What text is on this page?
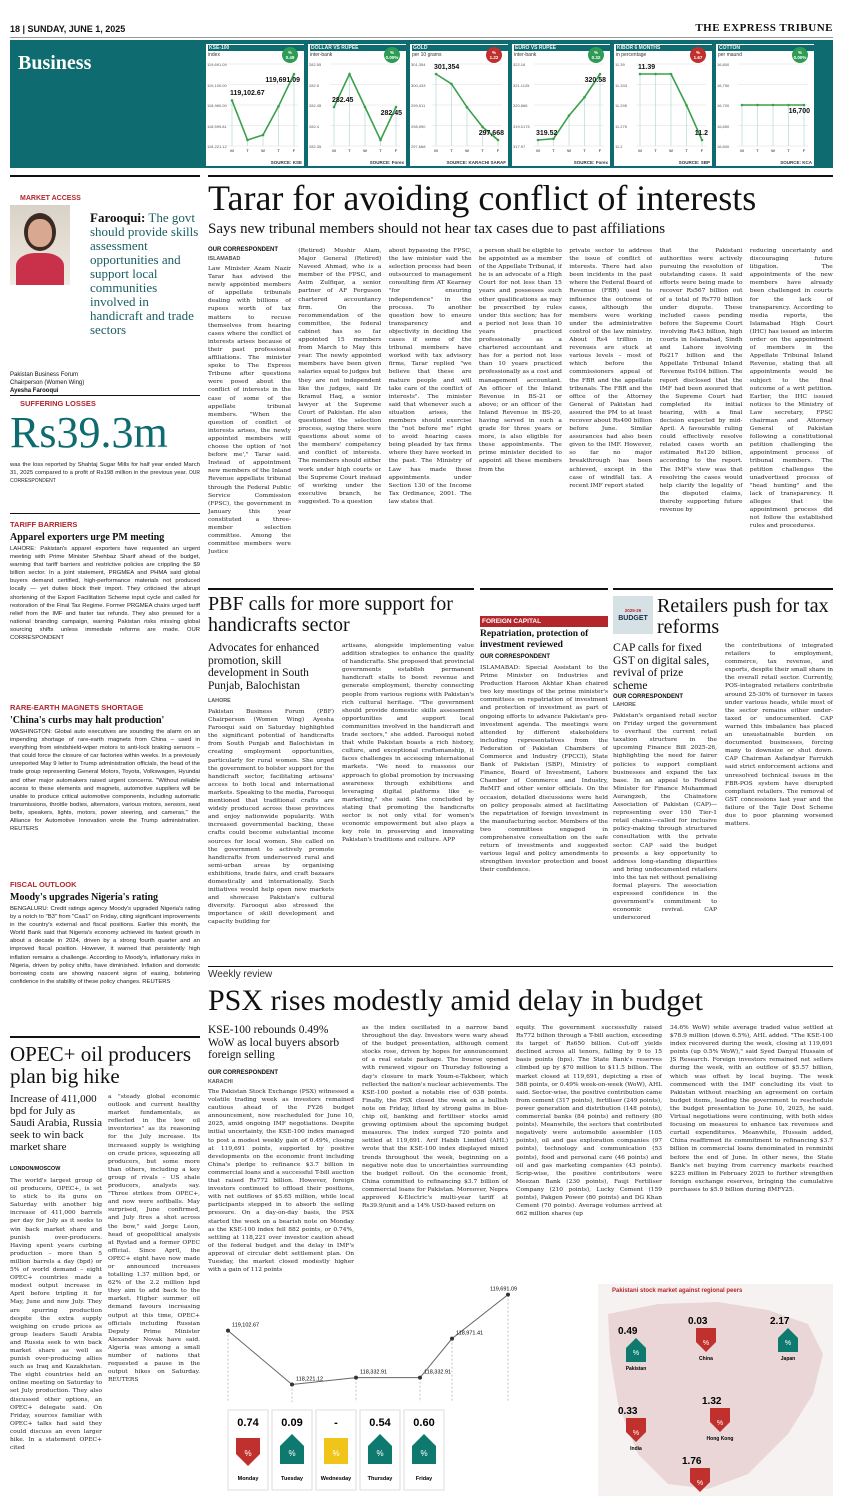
18 | SUNDAY, JUNE 1, 2025	THE EXPRESS TRIBUNE
Business
KSE-100
index
SOURCE: KSE
%
0.49
M	T	W	T	F
119,691.09
119,100.00
118,960.00
118,599.81
118,221.12
119,102.67
119,691.09
DOLLAR VS RUPEE
inter-bank
SOURCE: Forex
%
0.00%
M	T	W	T	F
282.55
282.5
282.45
282.4
282.35
282.45
282.45
GOLD
per 10 grams
SOURCE: KARACHI SARAF
%
1.22
M	T	W	T	F
301,354
300,433
299,511
298,590
297,668
301,354
297,668
EURO VS RUPEE
inter-bank
SOURCE: Forex
%
0.32
M	T	W	T	F
322.16
321.1125
320.666
319.0175
317.97
319.52
320.58
KIBOR 6 MONTHS
in percentage
SOURCE: SBP
%
1.67
M	T	W	T	F
11.39
11.333
11.295
11.275
11.2
11.39
11.2
COTTON
per maund
SOURCE: KCA
%
0.00%
M	T	W	T	F
16,800
16,750
16,700
16,650
16,600
16,700
MARKET ACCESS
Farooqui: The govt should provide skills assessment opportunities and support local communities involved in handicraft and trade sectors
Pakistan Business Forum
Chairperson (Women Wing)
Ayesha Farooqui
SUFFERING LOSSES
Rs39.3m
was the loss reported by Shahtaj Sugar Mills for half year ended March 31, 2025 compared to a profit of Rs198 million in the previous year. OUR CORRESPONDENT
TARIFF BARRIERS
Apparel exporters urge PM meeting
LAHORE: Pakistan's apparel exporters have requested an urgent meeting with Prime Minister Shehbaz Sharif ahead of the budget, warning that tariff barriers and restrictive policies are crippling the $9 billion sector. In a joint statement, PRGMEA and PHMA said global buyers demand certified, high-performance materials not produced locally — yet duties block their import. They criticised the abrupt shortening of the Export Facilitation Scheme input cycle and called for restoration of the Final Tax Regime. Former PRGMEA chairs urged tariff relief from the IMF and faster tax refunds. They also pressed for a national branding campaign, warning Pakistan risks missing global sourcing shifts unless immediate reforms are made. OUR CORRESPONDENT
RARE-EARTH MAGNETS SHORTAGE
'China's curbs may halt production'
WASHINGTON: Global auto executives are sounding the alarm on an impending shortage of rare-earth magnets from China – used in everything from windshield-wiper motors to anti-lock braking sensors – that could force the closure of car factories within weeks. In a previously unreported May 9 letter to Trump administration officials, the head of the trade group representing General Motors, Toyota, Volkswagen, Hyundai and other major automakers raised urgent concerns. "Without reliable access to these elements and magnets, automotive suppliers will be unable to produce critical automotive components, including automatic transmissions, throttle bodies, alternators, various motors, sensors, seat belts, speakers, lights, motors, power steering, and cameras," the Alliance for Automotive Innovation wrote the Trump administration. REUTERS
FISCAL OUTLOOK
Moody's upgrades Nigeria's rating
BENGALURU: Credit ratings agency Moody's upgraded Nigeria's rating by a notch to "B3" from "Caa1" on Friday, citing significant improvements in the country's external and fiscal positions. Earlier this month, the World Bank said that Nigeria's economy achieved its fastest growth in about a decade in 2024, driven by a strong fourth quarter and an improved fiscal position. However, it warned that persistently high inflation remains a challenge. According to Moody's, inflationary risks in Nigeria, driven by policy shifts, have diminished. Inflation and domestic borrowing costs are showing nascent signs of easing, bolstering confidence in the stability of these policy changes. REUTERS
OPEC+ oil producers plan big hike
Increase of 411,000 bpd for July as Saudi Arabia, Russia seek to win back market share
LONDON/MOSCOW
The world's largest group of oil producers, OPEC+, is set to stick to its guns on Saturday with another big increase of 411,000 barrels per day for July as it seeks to win back market share and punish over-producers. Having spent years curbing production – more than 5 million barrels a day (bpd) or 5% of world demand – eight OPEC+ countries made a modest output increase in April before tripling it for May, June and now July. They are spurring production despite the extra supply weighing on crude prices as group leaders Saudi Arabia and Russia seek to win back market share as well as punish over-producing allies such as Iraq and Kazakhstan. The eight countries held an online meeting on Saturday to set July production. They also discussed other options, an OPEC+ delegate said. On Friday, sources familiar with OPEC+ talks had said they could discuss an even larger hike. In a statement OPEC+ cited
a "steady global economic outlook and current healthy market fundamentals, as reflected in the low oil inventories" as its reasoning for the July increase. Its increased supply is weighing on crude prices, squeezing all producers, but some more than others, including a key group of rivals – US shale producers, analysts say. "Three strikes from OPEC+, and now were softballs. May surprised, June confirmed, and July fires a shot across the bow," said Jorge Leon, head of geopolitical analysis at Rystad and a former OPEC official. Since April, the OPEC+ eight have now made or announced increases totalling 1.37 million bpd, or 62% of the 2.2 million bpd they aim to add back to the market. Higher summer oil demand favours increasing output at this time, OPEC+ officials including Russian Deputy Prime Minister Alexander Novak have said. Algeria was among a small number of nations that requested a pause in the output hikes on Saturday. REUTERS
Tarar for avoiding conflict of interests
Says new tribunal members should not hear tax cases due to past affiliations
OUR CORRESPONDENT
ISLAMABAD
Law Minister Azam Nazir Tarar has advised the newly appointed members of appellate tribunals dealing with billions of rupees worth of tax matters to recuse themselves from hearing cases where the conflict of interests arises because of their past professional affiliations. The minister spoke to The Express Tribune after questions were posed about the conflict of interests in the case of some of the appellate tribunal members. "When the question of conflict of interests arises, the newly appointed members will choose the option of 'not before me'," Tarar said. Instead of appointment new members of the Inland Revenue appellate tribunal through the Federal Public Service Commission (FPSC), the government in January this year constituted a three-member selection committee. Among the committee members were Justice
(Retired) Mushir Alam, Major General (Retired) Naveed Ahmad, who is a member of the FPSC, and Asim Zulfiqar, a senior partner of AF Ferguson chartered accountancy firm. On the recommendation of the committee, the federal cabinet has so far appointed 15 members from March to May this year. The newly appointed members have been given salaries equal to judges but they are not independent like the judges, said Dr Ikramul Haq, a senior lawyer at the Supreme Court of Pakistan. He also questioned the selection process, saying there were questions about some of the members' competency and conflict of interests. The members should either work under high courts or the Supreme Court instead of working under the executive branch, he suggested. To a question
about bypassing the FPSC, the law minister said the selection process had been outsourced to management consulting firm AT Kearney "for ensuring independence" in the process. To another question how to ensure transparency and objectivity in deciding the cases if some of the tribunal members have worked with tax advisory firms, Tarar replied "we believe that these are mature people and will take care of the conflict of interests". The minister said that whenever such a situation arises, the members should exercise the "not before me" right to avoid hearing cases being pleaded by tax firms where they have worked in the past. The Ministry of Law has made these appointments under Section 130 of the Income Tax Ordinance, 2001. The law states that
a person shall be eligible to be appointed as a member of the Appellate Tribunal, if he is an advocate of a High Court for not less than 15 years and possesses such other qualifications as may be prescribed by rules under this section; has for a period not less than 10 years practiced professionally as a chartered accountant and has for a period not less than 10 years practiced professionally as a cost and management accountant. An officer of the Inland Revenue in BS-21 or above; or an officer of the Inland Revenue in BS-20, having served in such a grade for three years or more, is also eligible for these appointments. The prime minister decided to appoint all these members from the
private sector to address the issue of conflict of interests. There had also been incidents in the past where the Federal Board of Revenue (FBR) used to influence the outcome of cases, although the members were working under the administrative control of the law ministry. About Rs4 trillion in revenues are stuck at various levels – most of which before the commissioners appeal of the FBR and the appellate tribunals. The FBR and the office of the Attorney General of Pakistan had assured the PM to at least recover about Rs400 billion before June. Similar assurances had also been given to the IMF. However, so far no major breakthrough has been achieved, except in the case of windfall tax. A recent IMF report stated
that the Pakistani authorities were actively pursuing the resolution of outstanding cases. It said efforts were being made to recover Rs567 billion out of a total of Rs770 billion under dispute. These included cases pending before the Supreme Court involving Rs43 billion, high courts in Islamabad, Sindh and Lahore involving Rs217 billion and the Appellate Tribunal Inland Revenue Rs104 billion. The report disclosed that the IMF had been assured that the Supreme Court had completed its initial hearing, with a final decision expected by mid-April. A favourable ruling could effectively resolve related cases worth an estimated Rs120 billion, according to the report. The IMF's view was that resolving the cases would help clarify the legality of the disputed claims, thereby supporting future revenue by
reducing uncertainty and discouraging future litigation. The appointments of the new members have already been challenged in courts for the lack of transparency. According to media reports, the Islamabad High Court (IHC) has issued an interim order on the appointment of members in the Appellate Tribunal Inland Revenue, stating that all appointments would be subject to the final outcome of a writ petition. Earlier, the IHC issued notices to the Ministry of Law secretary, FPSC chairman and Attorney General of Pakistan following a constitutional petition challenging the appointment process of tribunal members. The petition challenges the unadvertised process of "head hunting" and the lack of transparency. It alleges that the appointment process did not follow the established rules and procedures.
PBF calls for more support for handicrafts sector
Advocates for enhanced promotion, skill development in South Punjab, Balochistan
LAHORE
Pakistan Business Forum (PBF) Chairperson (Women Wing) Ayesha Farooqui said on Saturday highlighted the significant potential of handicrafts from South Punjab and Balochistan in creating employment opportunities, particularly for rural women. She urged the government to bolster support for the handicraft sector, facilitating artisans' access to both local and international markets. Speaking to the media, Farooqui mentioned that traditional crafts are widely produced across these provinces and enjoy nationwide popularity. With increased governmental backing, these crafts could become substantial income sources for local women. She called on the government to actively promote handicrafts from underserved rural and semi-urban areas by organising exhibitions, trade fairs, and craft bazaars domestically and internationally. Such initiatives would help open new markets and showcase Pakistan's cultural diversity. Farooqui also stressed the importance of skill development and capacity building for
artisans, alongside implementing value addition strategies to enhance the quality of handicrafts. She proposed that provincial governments establish permanent handicraft stalls to boost revenue and generate employment, thereby connecting people from various regions with Pakistan's rich cultural heritage. "The government should provide domestic skills assessment opportunities and support local communities involved in the handicraft and trade sectors," she added. Farooqui noted that while Pakistan boasts a rich history, culture, and exceptional craftsmanship, it faces challenges in accessing international markets. "We need to reassess our approach to global promotion by increasing awareness through exhibitions and leveraging digital platforms like e-marketing," she said. She concluded by stating that promoting the handicrafts sector is not only vital for women's economic empowerment but also plays a key role in preserving and innovating Pakistan's traditions and culture. APP
FOREIGN CAPITAL
Repatriation, protection of investment reviewed
OUR CORRESPONDENT
ISLAMABAD: Special Assistant to the Prime Minister on Industries and Production Haroon Akhtar Khan chaired two key meetings of the prime minister's committees on repatriation of investment and protection of investment as part of ongoing efforts to advance Pakistan's pro-investment agenda. The meetings were attended by different stakeholders including representatives from the Federation of Pakistan Chambers of Commerce and Industry (FPCCI), State Bank of Pakistan (SBP), Ministry of Finance, Board of Investment, Lahore Chamber of Commerce and Industry, ReMIT and other senior officials. On the occasion, detailed discussions were held on policy proposals aimed at facilitating the repatriation of foreign investment in the manufacturing sector. Members of the two committees engaged in comprehensive consultation on the safe return of investments and suggested various legal and policy amendments to strengthen investor protection and boost their confidence.
2025-26
BUDGET
Retailers push for tax reforms
CAP calls for fixed GST on digital sales, revival of prize scheme
OUR CORRESPONDENT
LAHORE
Pakistan's organised retail sector on Friday urged the government to overhaul the current retail taxation structure in the upcoming Finance Bill 2025-26, highlighting the need for fairer policies to support compliant businesses and expand the tax base. In an appeal to Federal Minister for Finance Muhammad Aurangzeb, the Chainstore Association of Pakistan (CAP)—representing over 150 Tier-1 retail chains—called for inclusive policy-making through structured consultation with the private sector. CAP said the budget presents a key opportunity to address long-standing disparities and bring undocumented retailers into the tax net without penalising formal players. The association expressed confidence in the government's commitment to economic revival. CAP underscored
the contributions of integrated retailers to employment, commerce, tax revenue, and exports, despite their small share in the overall retail sector. Currently, POS-integrated retailers contribute around 25-30% of turnover in taxes under various heads, while most of the sector remains either under-taxed or undocumented. CAP warned this imbalance has placed an unsustainable burden on documented businesses, forcing many to downsize or shut down. CAP Chairman Asfandyar Farrukh said strict enforcement actions and unresolved technical issues in the FBR-POS system have disrupted compliant retailers. The removal of GST concessions last year and the failure of the Tajir Dost Scheme due to poor planning worsened matters.
Weekly review
PSX rises modestly amid delay in budget
KSE-100 rebounds 0.49% WoW as local buyers absorb foreign selling
OUR CORRESPONDENT
KARACHI
The Pakistan Stock Exchange (PSX) witnessed a volatile trading week as investors remained cautious ahead of the FY26 budget announcement, now rescheduled for June 10, 2025, amid ongoing IMF negotiations. Despite initial uncertainty, the KSE-100 index managed to post a modest weekly gain of 0.49%, closing at 119,691 points, supported by positive developments on the economic front including China's pledge to refinance $3.7 billion in commercial loans and a successful T-bill auction that raised Rs772 billion. However, foreign investors continued to offload their positions, with net outflows of $5.65 million, while local participants stepped in to absorb the selling pressure. On a day-on-day basis, the PSX started the week on a bearish note on Monday as the KSE-100 index fell 882 points, or 0.74%, settling at 118,221 over investor caution ahead of the federal budget and the delay in IMF's approval of circular debt settlement plan. On Tuesday, the market closed modestly higher with a gain of 112 points
as the index oscillated in a narrow band throughout the day. Investors were wary ahead of the budget presentation, although cement stocks rose, driven by hopes for announcement of a real estate package. The bourse opened with renewed vigour on Thursday following a day's closure to mark Youm-e-Takbeer, which reflected the nation's nuclear achievements. The KSE-100 posted a notable rise of 638 points. Finally, the PSX closed the week on a bullish note on Friday, lifted by strong gains in blue-chip oil, banking and fertiliser stocks amid growing optimism about the upcoming budget measures. The index surged 720 points and settled at 119,691. Arif Habib Limited (AHL) wrote that the KSE-100 index displayed mixed trends throughout the week, beginning on a negative note due to uncertainties surrounding the budget rollout. On the economic front, China committed to refinancing $3.7 billion of commercial loans for Pakistan. Moreover, Nepra approved K-Electric's multi-year tariff at Rs39.9/unit and a 14% USD-based return on
equity. The government successfully raised Rs772 billion through a T-bill auction, exceeding its target of Rs650 billion. Cut-off yields declined across all tenors, falling by 9 to 15 basis points (bps). The State Bank's reserves climbed up by $70 million to $11.5 billion. The market closed at 119,691, depicting a rise of 588 points, or 0.49% week-on-week (WoW), AHL said. Sector-wise, the positive contribution came from cement (317 points), fertiliser (249 points), power generation and distribution (148 points), commercial banks (84 points) and refinery (80 points). Meanwhile, the sectors that contributed negatively were automobile assembler (105 points), oil and gas exploration companies (97 points), technology and communication (53 points), food and personal care (46 points) and oil and gas marketing companies (43 points). Scrip-wise, the positive contributors were Meezan Bank (230 points), Fauji Fertiliser Company (210 points), Lucky Cement (159 points), Pakgen Power (80 points) and DG Khan Cement (70 points). Average volumes arrived at 662 million shares (up
34.6% WoW) while average traded value settled at $78.9 million (down 6.5%), AHL added. "The KSE-100 index recovered during the week, closing at 119,691 points (up 0.5% WoW)," said Syed Danyal Hussain of JS Research. Foreign investors remained net sellers during the week, with an outflow of $5.57 billion, which was offset by local buying. The week commenced with the IMF concluding its visit to Pakistan without reaching an agreement on certain budget items, leading the government to reschedule the budget presentation to June 10, 2025, he said. Virtual negotiations were continuing, with both sides focusing on measures to enhance tax revenues and curtail expenditures. Meanwhile, Hussain added, China reaffirmed its commitment to refinancing $3.7 billion in commercial loans denominated in renminbi before the end of June. In other news, the State Bank's net buying from currency markets reached $223 million in February 2025 to further strengthen foreign exchange reserves, bringing the cumulative purchases to $5.9 billion during 8MFY25.
119,102.67
118,221.12
118,332.91	118,332.91
118,971.41
119,691.09
0.74
%
Monday
0.09
%
Tuesday
-
%
Wednesday
0.54
%
Thursday
0.60
%
Friday
Pakistani stock market against regional peers
0.49
%
Pakistan
0.03
%
China
2.17
%
Japan
0.33
%
India
1.32
%
Hong Kong
1.76
%
